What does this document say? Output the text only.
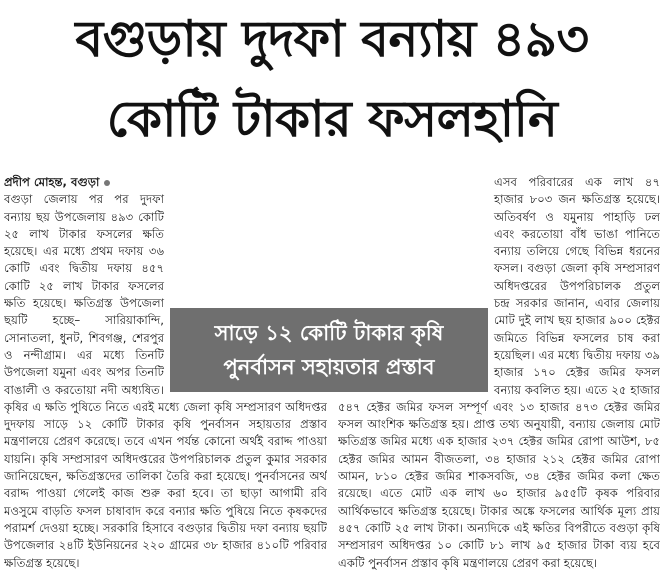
বগুড়ায় দুদফা বন্যায় ৪৯৩
কোটি টাকার ফসলহানি

প্রদীপ মোহন্ত, বগুড়া

বগুড়া জেলায় পর পর দুদফা বন্যায় ছয় উপজেলায় ৪৯৩ কোটি ২৫ লাখ টাকার ফসলের ক্ষতি হয়েছে। এর মধ্যে প্রথম দফায় ৩৬ কোটি এবং দ্বিতীয় দফায় ৪৫৭ কোটি ২৫ লাখ টাকার ফসলের ক্ষতি হয়েছে। ক্ষতিগ্রস্ত উপজেলা ছয়টি হচ্ছে– সারিয়াকান্দি, সোনাতলা, ধুনট, শিবগঞ্জ, শেরপুর ও নন্দীগ্রাম। এর মধ্যে তিনটি উপজেলা যমুনা এবং অপর তিনটি বাঙালী ও করতোয়া নদী অধ্যষিত। কৃষির এ ক্ষতি পুষিতে নিতে এরই মধ্যে জেলা কৃষি সম্প্রসারণ অধিদপ্তর দুদফায় সাড়ে ১২ কোটি টাকার কৃষি পুনর্বাসন সহায়তার প্রস্তাব মন্ত্রণালয়ে প্রেরণ করেছে। তবে এখন পর্যন্ত কোনো অর্থই বরাদ্দ পাওয়া যায়নি। কৃষি সম্প্রসারণ অধিদপ্তরের উপপরিচালক প্রতুল কুমার সরকার জানিয়েছেন, ক্ষতিগ্রস্তদের তালিকা তৈরি করা হয়েছে। পুনর্বাসনের অর্থ বরাদ্দ পাওয়া গেলেই কাজ শুরু করা হবে। তা ছাড়া আগামী রবি মওসুমে বাড়তি ফসল চাষাবাদ করে বন্যার ক্ষতি পুষিয়ে নিতে কৃষকদের পরামর্শ দেওয়া হচ্ছে। সরকারি হিসাবে বগুড়ার দ্বিতীয় দফা বন্যায় ছয়টি উপজেলার ২৪টি ইউনিয়নের ২২০ গ্রামের ৩৮ হাজার ৪১০টি পরিবার ক্ষতিগ্রস্ত হয়েছে।

এসব পরিবারের এক লাখ ৪৭ হাজার ৮০৩ জন ক্ষতিগ্রস্ত হয়েছে। অতিবর্ষণ ও যমুনায় পাহাড়ি ঢল এবং করতোয়া বাঁধ ভাঙা পানিতে বন্যায় তলিয়ে গেছে বিভিন্ন ধরনের ফসল। বগুড়া জেলা কৃষি সম্প্রসারণ অধিদপ্তরের উপপরিচালক প্রতুল চন্দ্র সরকার জানান, এবার জেলায় মোট দুই লাখ ছয় হাজার ৯০০ হেক্টর জমিতে বিভিন্ন ফসলের চাষ করা হয়েছিল। এর মধ্যে দ্বিতীয় দফায় ৩৯ হাজার ১৭০ হেক্টর জমির ফসল বন্যায় কবলিত হয়। এতে ২৫ হাজার ৫৪৭ হেক্টর জমির ফসল সম্পূর্ণ এবং ১৩ হাজার ৪৭৩ হেক্টর জমির ফসল আংশিক ক্ষতিগ্রস্ত হয়। প্রাপ্ত তথ্য অনুযায়ী, বন্যায় জেলায় মোট ক্ষতিগ্রস্ত জমির মধ্যে এক হাজার ২৩৭ হেক্টর জমির রোপা আউশ, ৮৫ হেক্টর জমির আমন বীজতলা, ৩৪ হাজার ২১২ হেক্টর জমির রোপা আমন, ৮১০ হেক্টর জমির শাকসবজি, ৩৪ হেক্টর জমির কলা ক্ষেত রয়েছে। এতে মোট এক লাখ ৬০ হাজার ৯৫৫টি কৃষক পরিবার আর্থিকভাবে ক্ষতিগ্রস্ত হয়েছে। টাকার অঙ্কে ফসলের আর্থিক মূল্য প্রায় ৪৫৭ কোটি ২৫ লাখ টাকা। অন্যদিকে এই ক্ষতির বিপরীতে বগুড়া কৃষি সম্প্রসারণ অধিদপ্তর ১০ কোটি ৮১ লাখ ৯৫ হাজার টাকা ব্যয় হবে একটি পুনর্বাসন প্রস্তাব কৃষি মন্ত্রণালয়ে প্রেরণ করা হয়েছে।

সাড়ে ১২ কোটি টাকার কৃষি
পুনর্বাসন সহায়তার প্রস্তাব
